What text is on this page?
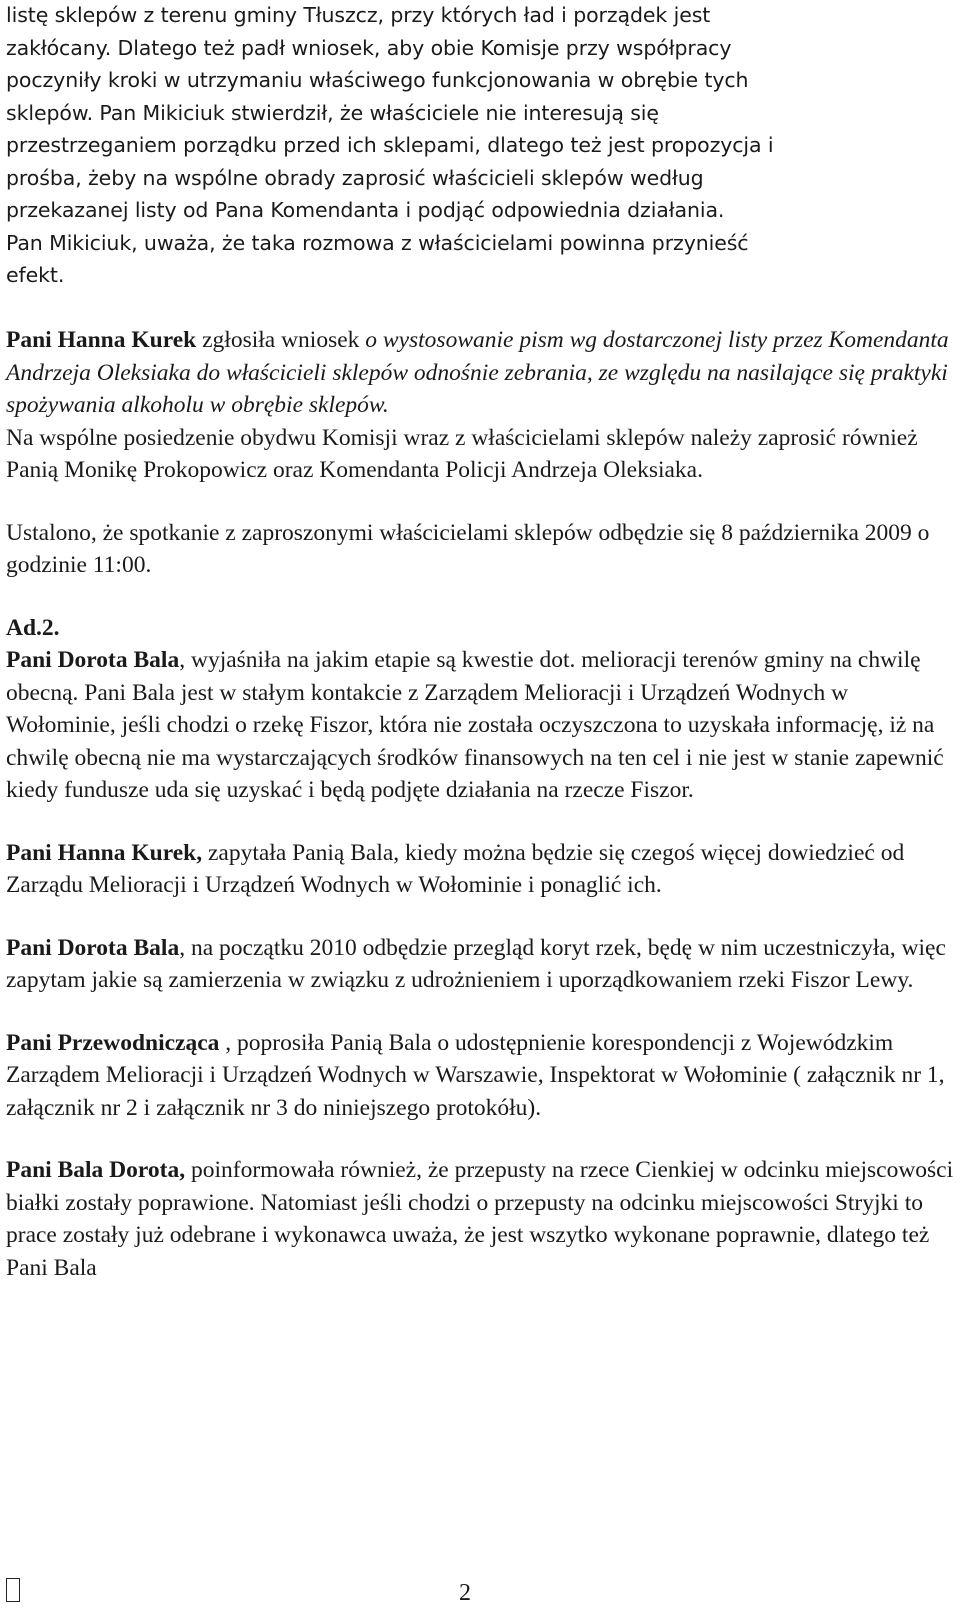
listę sklepów z terenu gminy Tłuszcz, przy których ład i porządek jest
zakłócany. Dlatego też padł wniosek, aby obie Komisje przy współpracy
poczyniły kroki w utrzymaniu właściwego funkcjonowania w obrębie tych
sklepów. Pan Mikiciuk stwierdził, że właściciele nie interesują się
przestrzeganiem porządku przed ich sklepami, dlatego też jest propozycja i
prośba, żeby na wspólne obrady zaprosić właścicieli sklepów według
przekazanej listy od Pana Komendanta i podjąć odpowiednia działania.
Pan Mikiciuk, uważa, że taka rozmowa z właścicielami powinna przynieść
efekt.

Pani Hanna Kurek zgłosiła wniosek o wystosowanie pism wg dostarczonej listy przez Komendanta Andrzeja Oleksiaka do właścicieli sklepów odnośnie zebrania, ze względu na nasilające się praktyki spożywania alkoholu w obrębie sklepów.

Na wspólne posiedzenie obydwu Komisji wraz z właścicielami sklepów należy zaprosić również Panią Monikę Prokopowicz oraz Komendanta Policji Andrzeja Oleksiaka.

Ustalono, że spotkanie z zaproszonymi właścicielami sklepów odbędzie się 8 października 2009 o godzinie 11:00.

Ad.2.

Pani Dorota Bala, wyjaśniła na jakim etapie są kwestie dot. melioracji terenów gminy na chwilę obecną. Pani Bala jest w stałym kontakcie z Zarządem Melioracji i Urządzeń Wodnych w Wołominie, jeśli chodzi o rzekę Fiszor, która nie została oczyszczona to uzyskała informację, iż na chwilę obecną nie ma wystarczających środków finansowych na ten cel i nie jest w stanie zapewnić kiedy fundusze uda się uzyskać i będą podjęte działania na rzecze Fiszor.

Pani Hanna Kurek, zapytała Panią Bala, kiedy można będzie się czegoś więcej dowiedzieć od Zarządu Melioracji i Urządzeń Wodnych w Wołominie i ponaglić ich.

Pani Dorota Bala, na początku 2010 odbędzie przegląd koryt rzek, będę w nim uczestniczyła, więc zapytam jakie są zamierzenia w związku z udrożnieniem i uporządkowaniem rzeki Fiszor Lewy.

Pani Przewodnicząca , poprosiła Panią Bala o udostępnienie korespondencji z Wojewódzkim Zarządem Melioracji i Urządzeń Wodnych w Warszawie, Inspektorat w Wołominie ( załącznik nr 1, załącznik nr 2 i załącznik nr 3 do niniejszego protokółu).

Pani Bala Dorota, poinformowała również, że przepusty na rzece Cienkiej w odcinku miejscowości białki zostały poprawione. Natomiast jeśli chodzi o przepusty na odcinku miejscowości Stryjki to prace zostały już odebrane i wykonawca uważa, że jest wszytko wykonane poprawnie, dlatego też Pani Bala

2
